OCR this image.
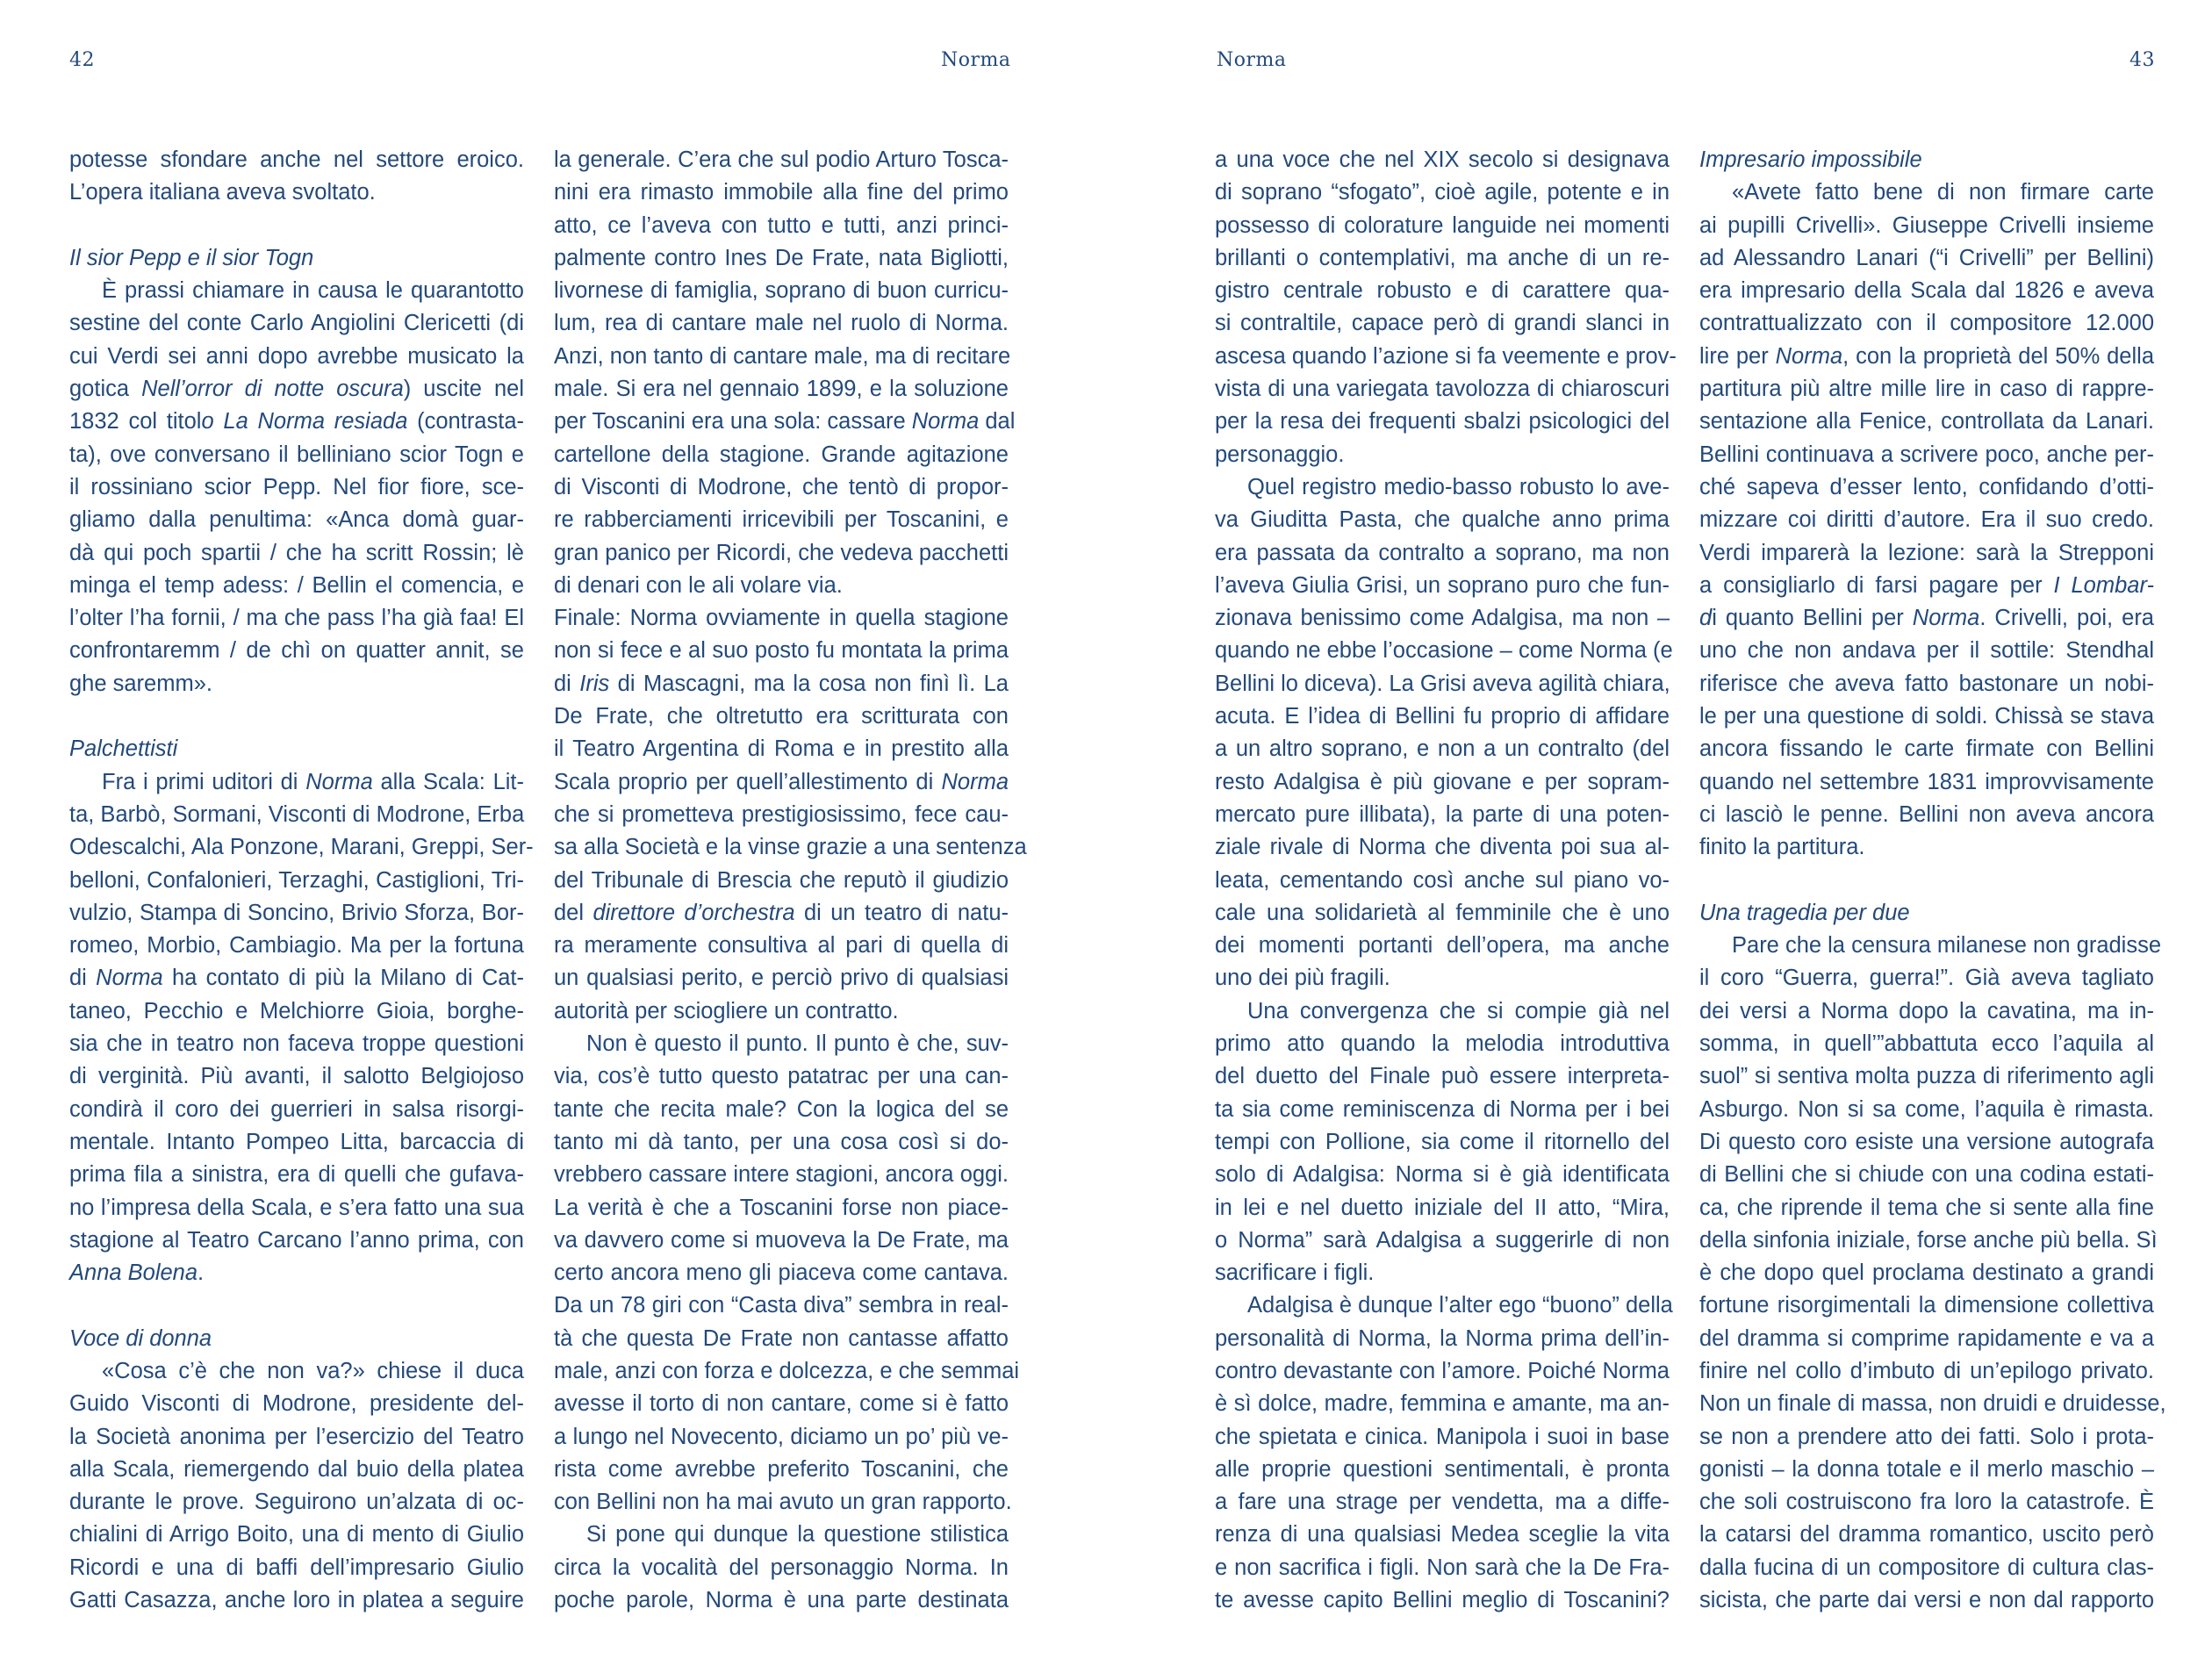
42	Norma
potesse sfondare anche nel settore eroico.
L’opera italiana aveva svoltato.
Il sior Pepp e il sior Togn
È prassi chiamare in causa le quarantotto
sestine del conte Carlo Angiolini Clericetti (di
cui Verdi sei anni dopo avrebbe musicato la
gotica Nell’orror di notte oscura) uscite nel
1832 col titolo La Norma resiada (contrasta-
ta), ove conversano il belliniano scior Togn e
il rossiniano scior Pepp. Nel fior fiore, sce-
gliamo dalla penultima: «Anca domà guar-
dà qui poch spartii / che ha scritt Rossin; lè
minga el temp adess: / Bellin el comencia, e
l’olter l’ha fornii, / ma che pass l’ha già faa! El
confrontaremm / de chì on quatter annit, se
ghe saremm».
Palchettisti
Fra i primi uditori di Norma alla Scala: Lit-
ta, Barbò, Sormani, Visconti di Modrone, Erba
Odescalchi, Ala Ponzone, Marani, Greppi, Ser-
belloni, Confalonieri, Terzaghi, Castiglioni, Tri-
vulzio, Stampa di Soncino, Brivio Sforza, Bor-
romeo, Morbio, Cambiagio. Ma per la fortuna
di Norma ha contato di più la Milano di Cat-
taneo, Pecchio e Melchiorre Gioia, borghe-
sia che in teatro non faceva troppe questioni
di verginità. Più avanti, il salotto Belgiojoso
condirà il coro dei guerrieri in salsa risorgi-
mentale. Intanto Pompeo Litta, barcaccia di
prima fila a sinistra, era di quelli che gufava-
no l’impresa della Scala, e s’era fatto una sua
stagione al Teatro Carcano l’anno prima, con
Anna Bolena.
Voce di donna
«Cosa c’è che non va?» chiese il duca
Guido Visconti di Modrone, presidente del-
la Società anonima per l’esercizio del Teatro
alla Scala, riemergendo dal buio della platea
durante le prove. Seguirono un’alzata di oc-
chialini di Arrigo Boito, una di mento di Giulio
Ricordi e una di baffi dell’impresario Giulio
Gatti Casazza, anche loro in platea a seguire
la generale. C’era che sul podio Arturo Tosca-
nini era rimasto immobile alla fine del primo
atto, ce l’aveva con tutto e tutti, anzi princi-
palmente contro Ines De Frate, nata Bigliotti,
livornese di famiglia, soprano di buon curricu-
lum, rea di cantare male nel ruolo di Norma.
Anzi, non tanto di cantare male, ma di recitare
male. Si era nel gennaio 1899, e la soluzione
per Toscanini era una sola: cassare Norma dal
cartellone della stagione. Grande agitazione
di Visconti di Modrone, che tentò di propor-
re rabberciamenti irricevibili per Toscanini, e
gran panico per Ricordi, che vedeva pacchetti
di denari con le ali volare via.
Finale: Norma ovviamente in quella stagione
non si fece e al suo posto fu montata la prima
di Iris di Mascagni, ma la cosa non finì lì. La
De Frate, che oltretutto era scritturata con
il Teatro Argentina di Roma e in prestito alla
Scala proprio per quell’allestimento di Norma
che si prometteva prestigiosissimo, fece cau-
sa alla Società e la vinse grazie a una sentenza
del Tribunale di Brescia che reputò il giudizio
del direttore d’orchestra di un teatro di natu-
ra meramente consultiva al pari di quella di
un qualsiasi perito, e perciò privo di qualsiasi
autorità per sciogliere un contratto.
Non è questo il punto. Il punto è che, suv-
via, cos’è tutto questo patatrac per una can-
tante che recita male? Con la logica del se
tanto mi dà tanto, per una cosa così si do-
vrebbero cassare intere stagioni, ancora oggi.
La verità è che a Toscanini forse non piace-
va davvero come si muoveva la De Frate, ma
certo ancora meno gli piaceva come cantava.
Da un 78 giri con “Casta diva” sembra in real-
tà che questa De Frate non cantasse affatto
male, anzi con forza e dolcezza, e che semmai
avesse il torto di non cantare, come si è fatto
a lungo nel Novecento, diciamo un po’ più ve-
rista come avrebbe preferito Toscanini, che
con Bellini non ha mai avuto un gran rapporto.
Si pone qui dunque la questione stilistica
circa la vocalità del personaggio Norma. In
poche parole, Norma è una parte destinata
Norma	43
a una voce che nel XIX secolo si designava
di soprano “sfogato”, cioè agile, potente e in
possesso di colorature languide nei momenti
brillanti o contemplativi, ma anche di un re-
gistro centrale robusto e di carattere qua-
si contraltile, capace però di grandi slanci in
ascesa quando l’azione si fa veemente e prov-
vista di una variegata tavolozza di chiaroscuri
per la resa dei frequenti sbalzi psicologici del
personaggio.
Quel registro medio-basso robusto lo ave-
va Giuditta Pasta, che qualche anno prima
era passata da contralto a soprano, ma non
l’aveva Giulia Grisi, un soprano puro che fun-
zionava benissimo come Adalgisa, ma non –
quando ne ebbe l’occasione – come Norma (e
Bellini lo diceva). La Grisi aveva agilità chiara,
acuta. E l’idea di Bellini fu proprio di affidare
a un altro soprano, e non a un contralto (del
resto Adalgisa è più giovane e per sopram-
mercato pure illibata), la parte di una poten-
ziale rivale di Norma che diventa poi sua al-
leata, cementando così anche sul piano vo-
cale una solidarietà al femminile che è uno
dei momenti portanti dell’opera, ma anche
uno dei più fragili.
Una convergenza che si compie già nel
primo atto quando la melodia introduttiva
del duetto del Finale può essere interpreta-
ta sia come reminiscenza di Norma per i bei
tempi con Pollione, sia come il ritornello del
solo di Adalgisa: Norma si è già identificata
in lei e nel duetto iniziale del II atto, “Mira,
o Norma” sarà Adalgisa a suggerirle di non
sacrificare i figli.
Adalgisa è dunque l’alter ego “buono” della
personalità di Norma, la Norma prima dell’in-
contro devastante con l’amore. Poiché Norma
è sì dolce, madre, femmina e amante, ma an-
che spietata e cinica. Manipola i suoi in base
alle proprie questioni sentimentali, è pronta
a fare una strage per vendetta, ma a diffe-
renza di una qualsiasi Medea sceglie la vita
e non sacrifica i figli. Non sarà che la De Fra-
te avesse capito Bellini meglio di Toscanini?
Impresario impossibile
«Avete fatto bene di non firmare carte
ai pupilli Crivelli». Giuseppe Crivelli insieme
ad Alessandro Lanari (“i Crivelli” per Bellini)
era impresario della Scala dal 1826 e aveva
contrattualizzato con il compositore 12.000
lire per Norma, con la proprietà del 50% della
partitura più altre mille lire in caso di rappre-
sentazione alla Fenice, controllata da Lanari.
Bellini continuava a scrivere poco, anche per-
ché sapeva d’esser lento, confidando d’otti-
mizzare coi diritti d’autore. Era il suo credo.
Verdi imparerà la lezione: sarà la Strepponi
a consigliarlo di farsi pagare per I Lombar-
di quanto Bellini per Norma. Crivelli, poi, era
uno che non andava per il sottile: Stendhal
riferisce che aveva fatto bastonare un nobi-
le per una questione di soldi. Chissà se stava
ancora fissando le carte firmate con Bellini
quando nel settembre 1831 improvvisamente
ci lasciò le penne. Bellini non aveva ancora
finito la partitura.
Una tragedia per due
Pare che la censura milanese non gradisse
il coro “Guerra, guerra!”. Già aveva tagliato
dei versi a Norma dopo la cavatina, ma in-
somma, in quell’”abbattuta ecco l’aquila al
suol” si sentiva molta puzza di riferimento agli
Asburgo. Non si sa come, l’aquila è rimasta.
Di questo coro esiste una versione autografa
di Bellini che si chiude con una codina estati-
ca, che riprende il tema che si sente alla fine
della sinfonia iniziale, forse anche più bella. Sì
è che dopo quel proclama destinato a grandi
fortune risorgimentali la dimensione collettiva
del dramma si comprime rapidamente e va a
finire nel collo d’imbuto di un’epilogo privato.
Non un finale di massa, non druidi e druidesse,
se non a prendere atto dei fatti. Solo i prota-
gonisti – la donna totale e il merlo maschio –
che soli costruiscono fra loro la catastrofe. È
la catarsi del dramma romantico, uscito però
dalla fucina di un compositore di cultura clas-
sicista, che parte dai versi e non dal rapporto
